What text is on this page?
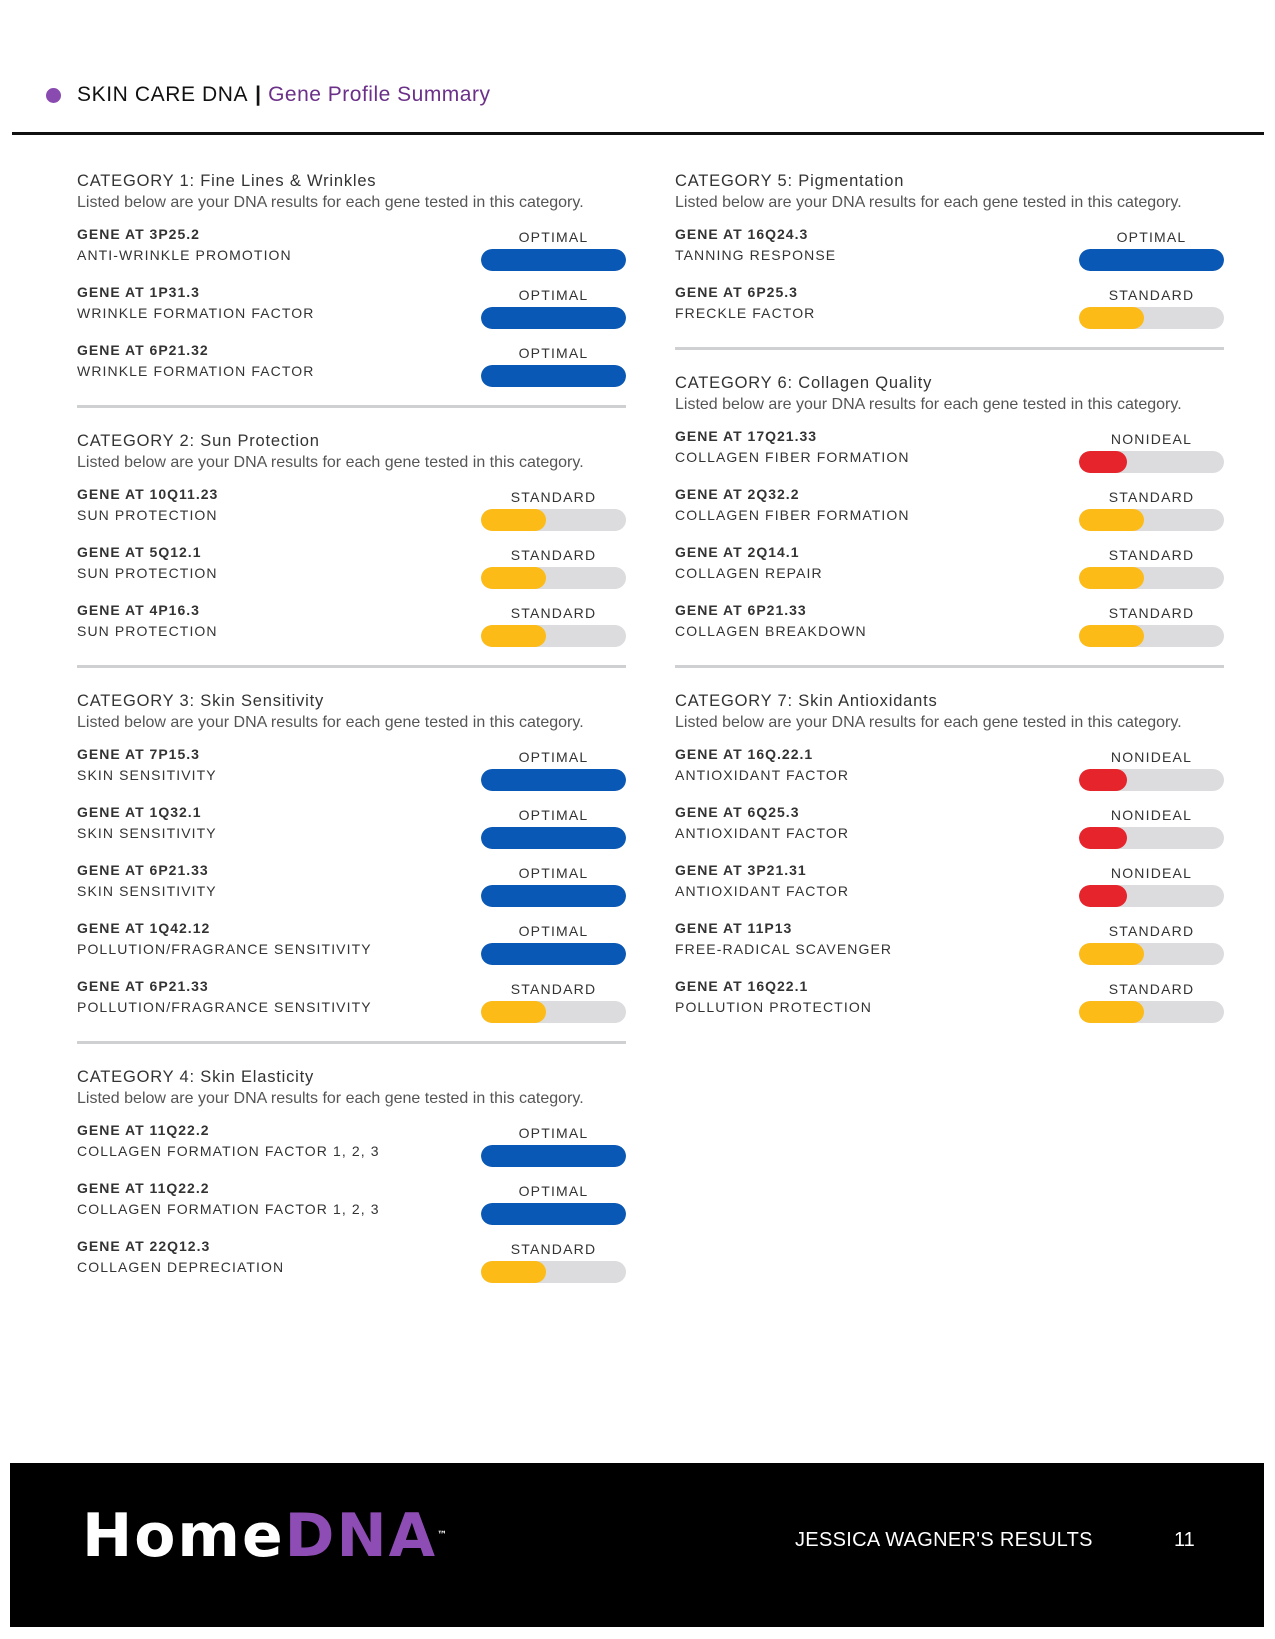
SKIN CARE DNA | Gene Profile Summary
CATEGORY 1: Fine Lines & Wrinkles
Listed below are your DNA results for each gene tested in this category.
GENE AT 3P25.2
ANTI-WRINKLE PROMOTION
OPTIMAL
GENE AT 1P31.3
WRINKLE FORMATION FACTOR
OPTIMAL
GENE AT 6P21.32
WRINKLE FORMATION FACTOR
OPTIMAL
CATEGORY 2: Sun Protection
Listed below are your DNA results for each gene tested in this category.
GENE AT 10Q11.23
SUN PROTECTION
STANDARD
GENE AT 5Q12.1
SUN PROTECTION
STANDARD
GENE AT 4P16.3
SUN PROTECTION
STANDARD
CATEGORY 3: Skin Sensitivity
Listed below are your DNA results for each gene tested in this category.
GENE AT 7P15.3
SKIN SENSITIVITY
OPTIMAL
GENE AT 1Q32.1
SKIN SENSITIVITY
OPTIMAL
GENE AT 6P21.33
SKIN SENSITIVITY
OPTIMAL
GENE AT 1Q42.12
POLLUTION/FRAGRANCE SENSITIVITY
OPTIMAL
GENE AT 6P21.33
POLLUTION/FRAGRANCE SENSITIVITY
STANDARD
CATEGORY 4: Skin Elasticity
Listed below are your DNA results for each gene tested in this category.
GENE AT 11Q22.2
COLLAGEN FORMATION FACTOR 1, 2, 3
OPTIMAL
GENE AT 11Q22.2
COLLAGEN FORMATION FACTOR 1, 2, 3
OPTIMAL
GENE AT 22Q12.3
COLLAGEN DEPRECIATION
STANDARD
CATEGORY 5: Pigmentation
Listed below are your DNA results for each gene tested in this category.
GENE AT 16Q24.3
TANNING RESPONSE
OPTIMAL
GENE AT 6P25.3
FRECKLE FACTOR
STANDARD
CATEGORY 6: Collagen Quality
Listed below are your DNA results for each gene tested in this category.
GENE AT 17Q21.33
COLLAGEN FIBER FORMATION
NONIDEAL
GENE AT 2Q32.2
COLLAGEN FIBER FORMATION
STANDARD
GENE AT 2Q14.1
COLLAGEN REPAIR
STANDARD
GENE AT 6P21.33
COLLAGEN BREAKDOWN
STANDARD
CATEGORY 7: Skin Antioxidants
Listed below are your DNA results for each gene tested in this category.
GENE AT 16Q.22.1
ANTIOXIDANT FACTOR
NONIDEAL
GENE AT 6Q25.3
ANTIOXIDANT FACTOR
NONIDEAL
GENE AT 3P21.31
ANTIOXIDANT FACTOR
NONIDEAL
GENE AT 11P13
FREE-RADICAL SCAVENGER
STANDARD
GENE AT 16Q22.1
POLLUTION PROTECTION
STANDARD
HomeDNA™	JESSICA WAGNER'S RESULTS	11
